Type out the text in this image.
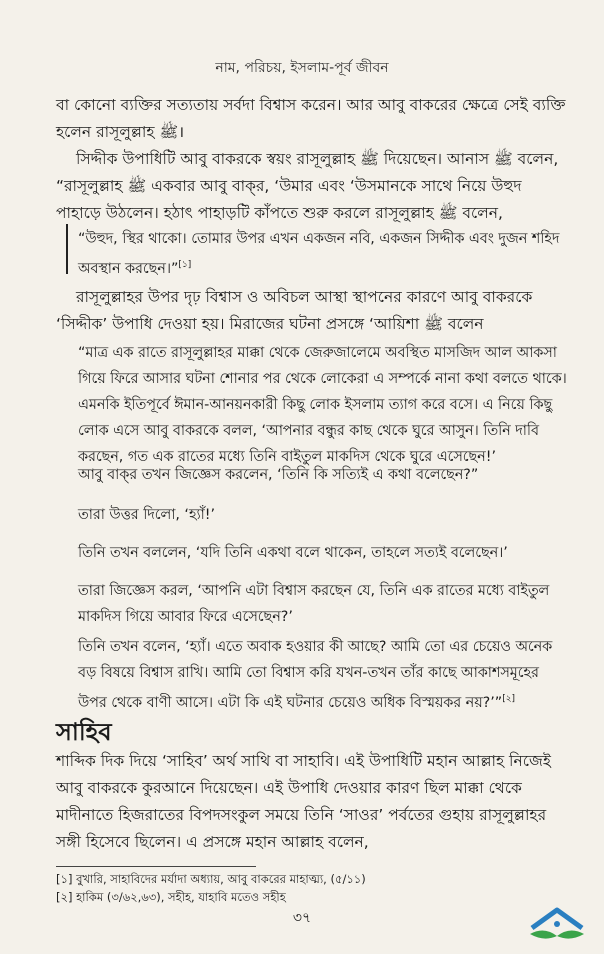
নাম, পরিচয়, ইসলাম-পূর্ব জীবন

বা কোনো ব্যক্তির সত্যতায় সর্বদা বিশ্বাস করেন। আর আবু বাকরের ক্ষেত্রে সেই ব্যক্তি হলেন রাসূলুল্লাহ ﷺ।

সিদ্দীক উপাধিটি আবু বাকরকে স্বয়ং রাসূলুল্লাহ ﷺ দিয়েছেন। আনাস ﷺ বলেন, “রাসূলুল্লাহ ﷺ একবার আবু বাক্‌র, ‘উমার এবং ‘উসমানকে সাথে নিয়ে উহুদ পাহাড়ে উঠলেন। হঠাৎ পাহাড়টি কাঁপতে শুরু করলে রাসূলুল্লাহ ﷺ বলেন,

“উহুদ, স্থির থাকো। তোমার উপর এখন একজন নবি, একজন সিদ্দীক এবং দুজন শহিদ অবস্থান করছেন।”[১]

রাসূলুল্লাহর উপর দৃঢ় বিশ্বাস ও অবিচল আস্থা স্থাপনের কারণে আবু বাকরকে ‘সিদ্দীক’ উপাধি দেওয়া হয়। মিরাজের ঘটনা প্রসঙ্গে ‘আয়িশা ﷺ বলেন

“মাত্র এক রাতে রাসূলুল্লাহর মাক্কা থেকে জেরুজালেমে অবস্থিত মাসজিদ আল আকসা গিয়ে ফিরে আসার ঘটনা শোনার পর থেকে লোকেরা এ সম্পর্কে নানা কথা বলতে থাকে। এমনকি ইতিপূর্বে ঈমান-আনয়নকারী কিছু লোক ইসলাম ত্যাগ করে বসে। এ নিয়ে কিছু লোক এসে আবু বাকরকে বলল, ‘আপনার বন্ধুর কাছ থেকে ঘুরে আসুন। তিনি দাবি করছেন, গত এক রাতের মধ্যে তিনি বাইতুল মাকদিস থেকে ঘুরে এসেছেন!’

আবু বাক্‌র তখন জিজ্ঞেস করলেন, ‘তিনি কি সত্যিই এ কথা বলেছেন?”

তারা উত্তর দিলো, ‘হ্যাঁ!’

তিনি তখন বললেন, ‘যদি তিনি একথা বলে থাকেন, তাহলে সত্যই বলেছেন।’

তারা জিজ্ঞেস করল, ‘আপনি এটা বিশ্বাস করছেন যে, তিনি এক রাতের মধ্যে বাইতুল মাকদিস গিয়ে আবার ফিরে এসেছেন?’

তিনি তখন বলেন, ‘হ্যাঁ। এতে অবাক হওয়ার কী আছে? আমি তো এর চেয়েও অনেক বড় বিষয়ে বিশ্বাস রাখি। আমি তো বিশ্বাস করি যখন-তখন তাঁর কাছে আকাশসমূহের উপর থেকে বাণী আসে। এটা কি এই ঘটনার চেয়েও অধিক বিস্ময়কর নয়?’”[২]

সাহিব

শাব্দিক দিক দিয়ে ‘সাহিব’ অর্থ সাথি বা সাহাবি। এই উপাধিটি মহান আল্লাহ নিজেই আবু বাকরকে কুরআনে দিয়েছেন। এই উপাধি দেওয়ার কারণ ছিল মাক্কা থেকে মাদীনাতে হিজরাতের বিপদসংকুল সময়ে তিনি ‘সাওর’ পর্বতের গুহায় রাসূলুল্লাহর সঙ্গী হিসেবে ছিলেন। এ প্রসঙ্গে মহান আল্লাহ বলেন,

[১] বুখারি, সাহাবিদের মর্যাদা অধ্যায়, আবু বাকরের মাহাত্ম্য, (৫/১১)
[২] হাকিম (৩/৬২,৬৩), সহীহ, যাহাবি মতেও সহীহ
৩৭
